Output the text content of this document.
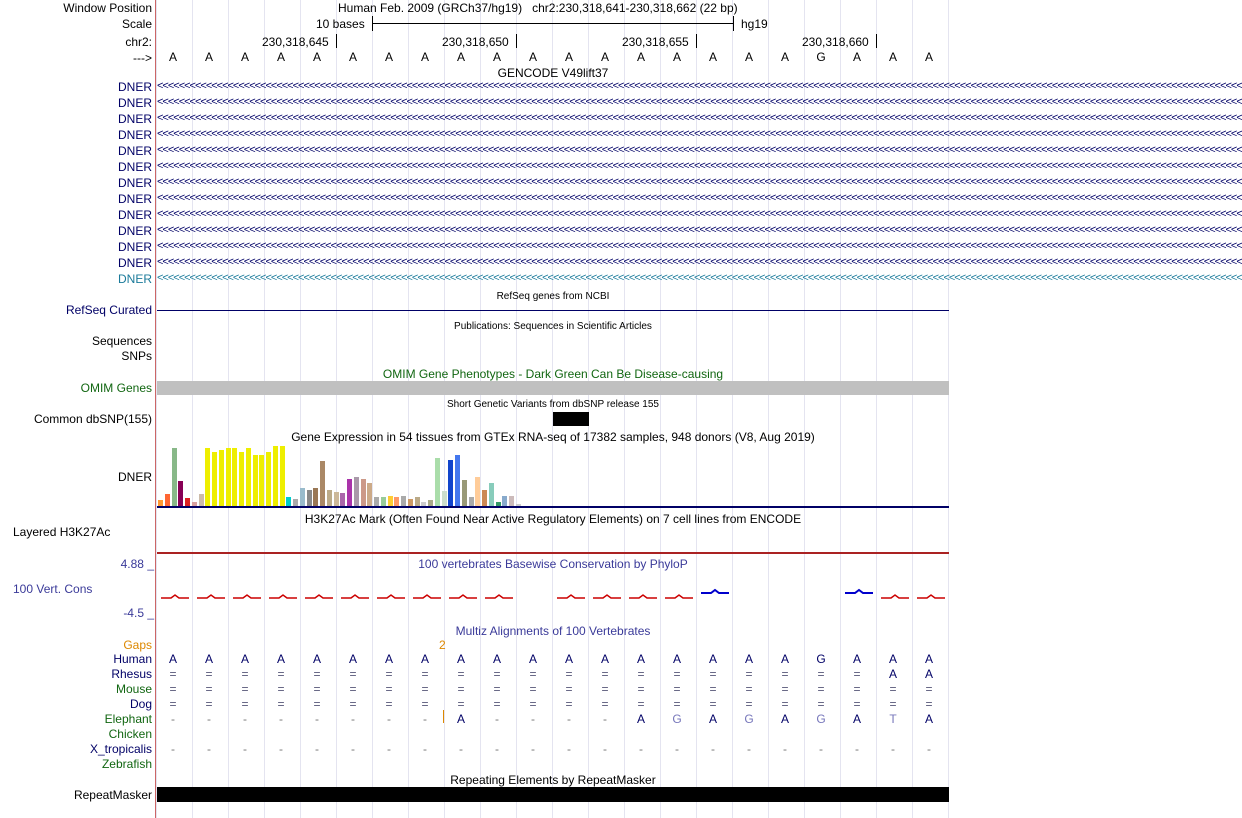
Window Position	Human Feb. 2009 (GRCh37/hg19) chr2:230,318,641-230,318,662 (22 bp)
Scale	10 bases	hg19
chr2:	230,318,645	230,318,650	230,318,655	230,318,660
--->	A	A	A	A	A	A	A	A	A	A	A	A	A	A	A	A	A	A	G	A	A	A
GENCODE V49lift37
DNER <<<<<<<<<<<<<<<<<<<<<<<<<<<<<<<<<<<<<<<<<<<<<<<<<<<<<<<<<<<<<<<<<<<<<<<<<<<<<<<<<<<<<<<<<<<<<<<<<<<<<<<<<<<<<<<<<<<<<<<<<<<<<<<<<<<<<<<<<<<<<<<<<<<<<<<<<<<<<<<<<<<<<<<<<<<<<<<<<<<<<<<<<<<<<<<<<<<<<<<<
DNER <<<<<<<<<<<<<<<<<<<<<<<<<<<<<<<<<<<<<<<<<<<<<<<<<<<<<<<<<<<<<<<<<<<<<<<<<<<<<<<<<<<<<<<<<<<<<<<<<<<<<<<<<<<<<<<<<<<<<<<<<<<<<<<<<<<<<<<<<<<<<<<<<<<<<<<<<<<<<<<<<<<<<<<<<<<<<<<<<<<<<<<<<<<<<<<<<<<<<<<<
DNER <<<<<<<<<<<<<<<<<<<<<<<<<<<<<<<<<<<<<<<<<<<<<<<<<<<<<<<<<<<<<<<<<<<<<<<<<<<<<<<<<<<<<<<<<<<<<<<<<<<<<<<<<<<<<<<<<<<<<<<<<<<<<<<<<<<<<<<<<<<<<<<<<<<<<<<<<<<<<<<<<<<<<<<<<<<<<<<<<<<<<<<<<<<<<<<<<<<<<<<<
DNER <<<<<<<<<<<<<<<<<<<<<<<<<<<<<<<<<<<<<<<<<<<<<<<<<<<<<<<<<<<<<<<<<<<<<<<<<<<<<<<<<<<<<<<<<<<<<<<<<<<<<<<<<<<<<<<<<<<<<<<<<<<<<<<<<<<<<<<<<<<<<<<<<<<<<<<<<<<<<<<<<<<<<<<<<<<<<<<<<<<<<<<<<<<<<<<<<<<<<<<<
DNER <<<<<<<<<<<<<<<<<<<<<<<<<<<<<<<<<<<<<<<<<<<<<<<<<<<<<<<<<<<<<<<<<<<<<<<<<<<<<<<<<<<<<<<<<<<<<<<<<<<<<<<<<<<<<<<<<<<<<<<<<<<<<<<<<<<<<<<<<<<<<<<<<<<<<<<<<<<<<<<<<<<<<<<<<<<<<<<<<<<<<<<<<<<<<<<<<<<<<<<<
DNER <<<<<<<<<<<<<<<<<<<<<<<<<<<<<<<<<<<<<<<<<<<<<<<<<<<<<<<<<<<<<<<<<<<<<<<<<<<<<<<<<<<<<<<<<<<<<<<<<<<<<<<<<<<<<<<<<<<<<<<<<<<<<<<<<<<<<<<<<<<<<<<<<<<<<<<<<<<<<<<<<<<<<<<<<<<<<<<<<<<<<<<<<<<<<<<<<<<<<<<<
DNER <<<<<<<<<<<<<<<<<<<<<<<<<<<<<<<<<<<<<<<<<<<<<<<<<<<<<<<<<<<<<<<<<<<<<<<<<<<<<<<<<<<<<<<<<<<<<<<<<<<<<<<<<<<<<<<<<<<<<<<<<<<<<<<<<<<<<<<<<<<<<<<<<<<<<<<<<<<<<<<<<<<<<<<<<<<<<<<<<<<<<<<<<<<<<<<<<<<<<<<<
DNER <<<<<<<<<<<<<<<<<<<<<<<<<<<<<<<<<<<<<<<<<<<<<<<<<<<<<<<<<<<<<<<<<<<<<<<<<<<<<<<<<<<<<<<<<<<<<<<<<<<<<<<<<<<<<<<<<<<<<<<<<<<<<<<<<<<<<<<<<<<<<<<<<<<<<<<<<<<<<<<<<<<<<<<<<<<<<<<<<<<<<<<<<<<<<<<<<<<<<<<<
DNER <<<<<<<<<<<<<<<<<<<<<<<<<<<<<<<<<<<<<<<<<<<<<<<<<<<<<<<<<<<<<<<<<<<<<<<<<<<<<<<<<<<<<<<<<<<<<<<<<<<<<<<<<<<<<<<<<<<<<<<<<<<<<<<<<<<<<<<<<<<<<<<<<<<<<<<<<<<<<<<<<<<<<<<<<<<<<<<<<<<<<<<<<<<<<<<<<<<<<<<<
DNER <<<<<<<<<<<<<<<<<<<<<<<<<<<<<<<<<<<<<<<<<<<<<<<<<<<<<<<<<<<<<<<<<<<<<<<<<<<<<<<<<<<<<<<<<<<<<<<<<<<<<<<<<<<<<<<<<<<<<<<<<<<<<<<<<<<<<<<<<<<<<<<<<<<<<<<<<<<<<<<<<<<<<<<<<<<<<<<<<<<<<<<<<<<<<<<<<<<<<<<<
DNER <<<<<<<<<<<<<<<<<<<<<<<<<<<<<<<<<<<<<<<<<<<<<<<<<<<<<<<<<<<<<<<<<<<<<<<<<<<<<<<<<<<<<<<<<<<<<<<<<<<<<<<<<<<<<<<<<<<<<<<<<<<<<<<<<<<<<<<<<<<<<<<<<<<<<<<<<<<<<<<<<<<<<<<<<<<<<<<<<<<<<<<<<<<<<<<<<<<<<<<<
DNER <<<<<<<<<<<<<<<<<<<<<<<<<<<<<<<<<<<<<<<<<<<<<<<<<<<<<<<<<<<<<<<<<<<<<<<<<<<<<<<<<<<<<<<<<<<<<<<<<<<<<<<<<<<<<<<<<<<<<<<<<<<<<<<<<<<<<<<<<<<<<<<<<<<<<<<<<<<<<<<<<<<<<<<<<<<<<<<<<<<<<<<<<<<<<<<<<<<<<<<<
DNER <<<<<<<<<<<<<<<<<<<<<<<<<<<<<<<<<<<<<<<<<<<<<<<<<<<<<<<<<<<<<<<<<<<<<<<<<<<<<<<<<<<<<<<<<<<<<<<<<<<<<<<<<<<<<<<<<<<<<<<<<<<<<<<<<<<<<<<<<<<<<<<<<<<<<<<<<<<<<<<<<<<<<<<<<<<<<<<<<<<<<<<<<<<<<<<<<<<<<<<<
RefSeq genes from NCBI
RefSeq Curated
Publications: Sequences in Scientific Articles
Sequences
SNPs
OMIM Gene Phenotypes - Dark Green Can Be Disease-causing
OMIM Genes
Short Genetic Variants from dbSNP release 155
Common dbSNP(155)
Gene Expression in 54 tissues from GTEx RNA-seq of 17382 samples, 948 donors (V8, Aug 2019)
DNER
H3K27Ac Mark (Often Found Near Active Regulatory Elements) on 7 cell lines from ENCODE
Layered H3K27Ac
100 vertebrates Basewise Conservation by PhyloP
4.88 _
100 Vert. Cons
-4.5 _
Multiz Alignments of 100 Vertebrates
Gaps	2
Human	A	A	A	A	A	A	A	A	A	A	A	A	A	A	A	A	A	A	G	A	A	A
Rhesus	=	=	=	=	=	=	=	=	=	=	=	=	=	=	=	=	=	=	=	=	A	A
Mouse	=	=	=	=	=	=	=	=	=	=	=	=	=	=	=	=	=	=	=	=	=	=
Dog	=	=	=	=	=	=	=	=	=	=	=	=	=	=	=	=	=	=	=	=	=	=
Elephant	-	-	-	-	-	-	-	-	A	-	-	-	-	A	G	A	G	A	G	A	T	A
Chicken
X_tropicalis	-	-	-	-	-	-	-	-	-	-	-	-	-	-	-	-	-	-	-	-	-	-
Zebrafish
Repeating Elements by RepeatMasker
RepeatMasker
